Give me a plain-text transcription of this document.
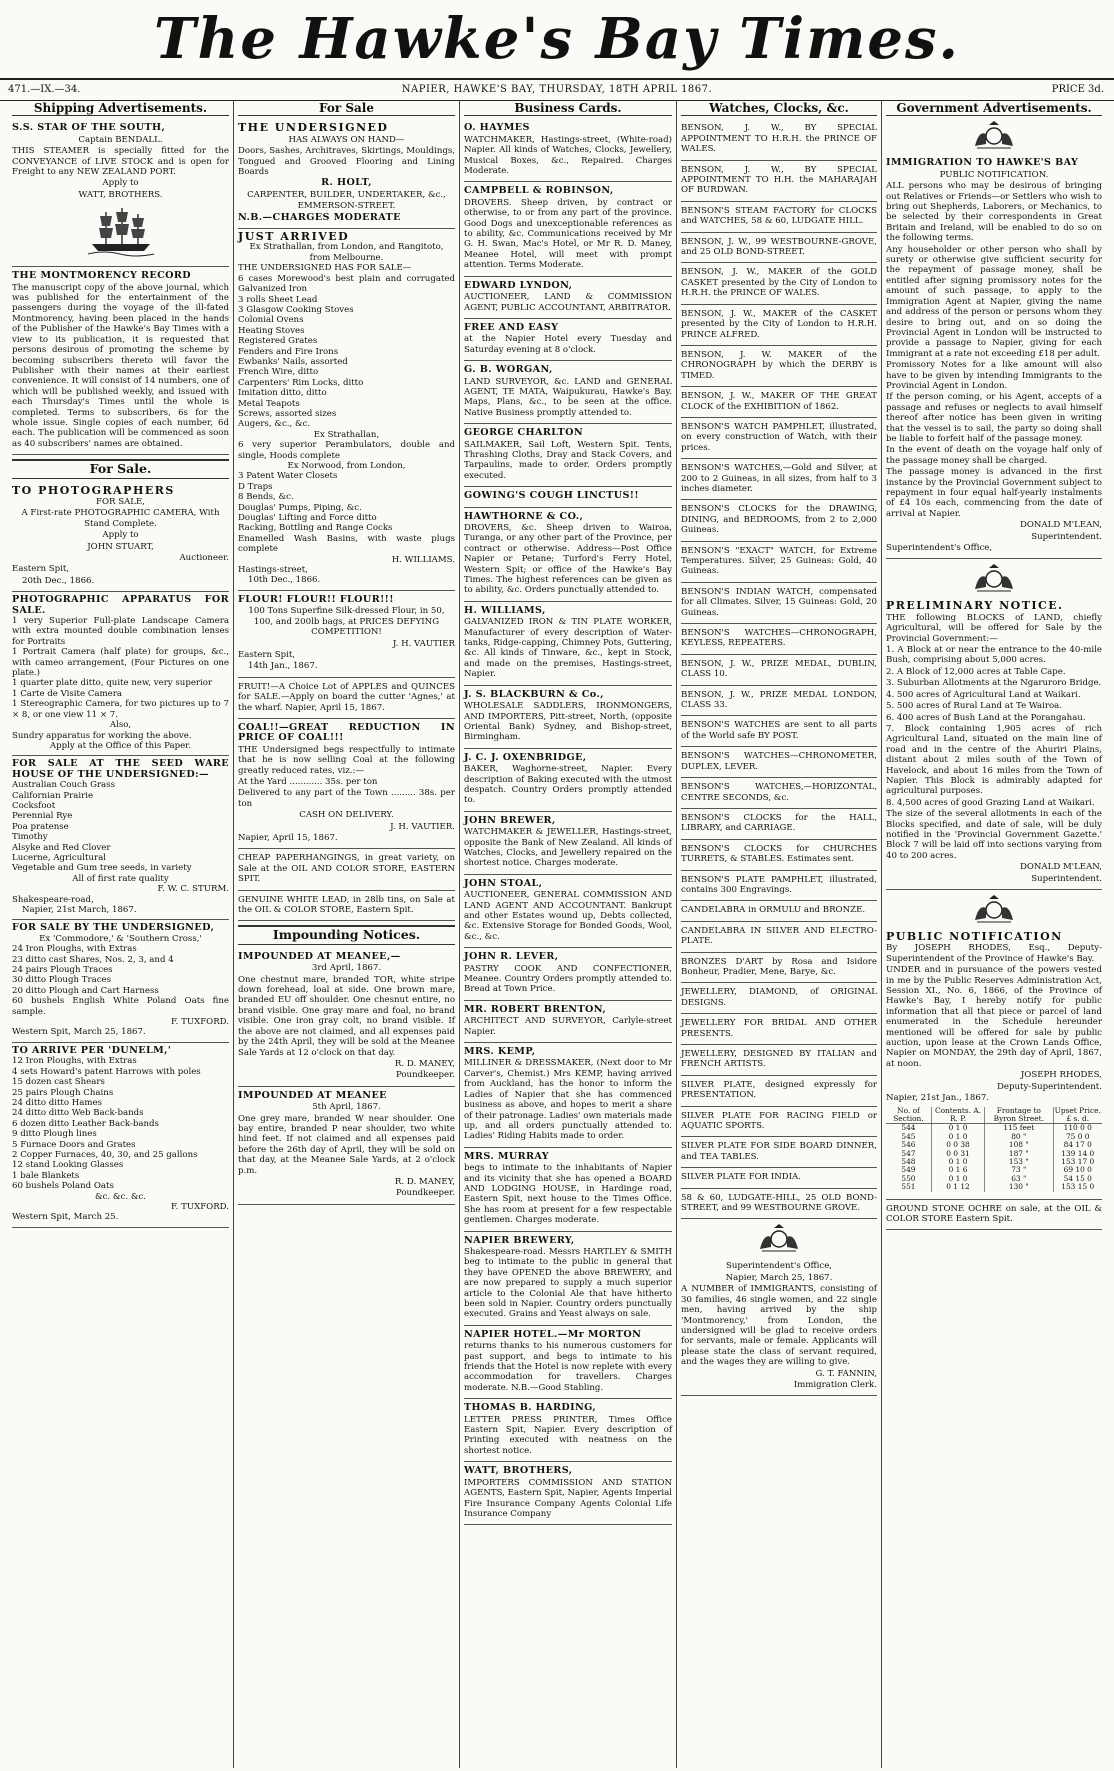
The Hawke's Bay Times.
471.—IX.—34.	NAPIER, HAWKE'S BAY, THURSDAY, 18TH APRIL 1867.	PRICE 3d.
Shipping Advertisements.

S.S. STAR OF THE SOUTH,

Captain BENDALL.

THIS STEAMER is specially fitted for the CONVEYANCE of LIVE STOCK and is open for Freight to any NEW ZEALAND PORT.

Apply to

WATT, BROTHERS.

THE MONTMORENCY RECORD

The manuscript copy of the above journal, which was published for the entertainment of the passengers during the voyage of the ill-fated Montmorency, having been placed in the hands of the Publisher of the Hawke's Bay Times with a view to its publication, it is requested that persons desirous of promoting the scheme by becoming subscribers thereto will favor the Publisher with their names at their earliest convenience. It will consist of 14 numbers, one of which will be published weekly, and issued with each Thursday's Times until the whole is completed. Terms to subscribers, 6s for the whole issue. Single copies of each number, 6d each. The publication will be commenced as soon as 40 subscribers' names are obtained.

For Sale.

TO PHOTOGRAPHERS

FOR SALE,

A First-rate PHOTOGRAPHIC CAMERA, With Stand Complete.

Apply to

JOHN STUART,

Auctioneer.

Eastern Spit,

20th Dec., 1866.

PHOTOGRAPHIC APPARATUS FOR SALE.

1 very Superior Full-plate Landscape Camera with extra mounted double combination lenses for Portraits

1 Portrait Camera (half plate) for groups, &c., with cameo arrangement, (Four Pictures on one plate.)

1 quarter plate ditto, quite new, very superior

1 Carte de Visite Camera

1 Stereographic Camera, for two pictures up to 7 × 8, or one view 11 × 7.

Also,

Sundry apparatus for working the above.

Apply at the Office of this Paper.

FOR SALE AT THE SEED WARE HOUSE OF THE UNDERSIGNED:—

Australian Couch Grass

Californian Prairie

Cocksfoot

Perennial Rye

Poa pratense

Timothy

Alsyke and Red Clover

Lucerne, Agricultural

Vegetable and Gum tree seeds, in variety

All of first rate quality

F. W. C. STURM.

Shakespeare-road,

Napier, 21st March, 1867.

FOR SALE BY THE UNDERSIGNED,

Ex 'Commodore,' & 'Southern Cross,'

24 Iron Ploughs, with Extras

23 ditto cast Shares, Nos. 2, 3, and 4

24 pairs Plough Traces

30 ditto Plough Traces

20 ditto Plough and Cart Harness

60 bushels English White Poland Oats fine sample.

F. TUXFORD.

Western Spit, March 25, 1867.

TO ARRIVE PER 'DUNELM,'

12 Iron Ploughs, with Extras

4 sets Howard's patent Harrows with poles

15 dozen cast Shears

25 pairs Plough Chains

24 ditto ditto Hames

24 ditto ditto Web Back-bands

6 dozen ditto Leather Back-bands

9 ditto Plough lines

5 Furnace Doors and Grates

2 Copper Furnaces, 40, 30, and 25 gallons

12 stand Looking Glasses

1 bale Blankets

60 bushels Poland Oats

&c. &c. &c.

F. TUXFORD.

Western Spit, March 25.

For Sale

THE UNDERSIGNED

HAS ALWAYS ON HAND—

Doors, Sashes, Architraves, Skirtings, Mouldings, Tongued and Grooved Flooring and Lining Boards

R. HOLT,

CARPENTER, BUILDER, UNDERTAKER, &c.,

EMMERSON-STREET.

N.B.—CHARGES MODERATE

JUST ARRIVED

Ex Strathallan, from London, and Rangitoto, from Melbourne.

THE UNDERSIGNED HAS FOR SALE—

6 cases Morewood's best plain and corrugated Galvanized Iron

3 rolls Sheet Lead

3 Glasgow Cooking Stoves

Colonial Ovens

Heating Stoves

Registered Grates

Fenders and Fire Irons

Ewbanks' Nails, assorted

French Wire, ditto

Carpenters' Rim Locks, ditto

Imitation ditto, ditto

Metal Teapots

Screws, assorted sizes

Augers, &c., &c.

Ex Strathallan,

6 very superior Perambulators, double and single, Hoods complete

Ex Norwood, from London,

3 Patent Water Closets

D Traps

8 Bends, &c.

Douglas' Pumps, Piping, &c.

Douglas' Lifting and Force ditto

Racking, Bottling and Range Cocks

Enamelled Wash Basins, with waste plugs complete

H. WILLIAMS.

Hastings-street,

10th Dec., 1866.

FLOUR! FLOUR!! FLOUR!!!

100 Tons Superfine Silk-dressed Flour, in 50, 100, and 200lb bags, at PRICES DEFYING COMPETITION!

J. H. VAUTIER

Eastern Spit,

14th Jan., 1867.

FRUIT!—A Choice Lot of APPLES and QUINCES for SALE.—Apply on board the cutter 'Agnes,' at the wharf. Napier, April 15, 1867.

COAL!!—GREAT REDUCTION IN PRICE OF COAL!!!

THE Undersigned begs respectfully to intimate that he is now selling Coal at the following greatly reduced rates, viz.:—

At the Yard ............ 35s. per ton

Delivered to any part of the Town ......... 38s. per ton

CASH ON DELIVERY.

J. H. VAUTIER.

Napier, April 15, 1867.

CHEAP PAPERHANGINGS, in great variety, on Sale at the OIL AND COLOR STORE, EASTERN SPIT.

GENUINE WHITE LEAD, in 28lb tins, on Sale at the OIL & COLOR STORE, Eastern Spit.

Impounding Notices.

IMPOUNDED AT MEANEE,—

3rd April, 1867.

One chestnut mare, branded TOR, white stripe down forehead, loal at side. One brown mare, branded EU off shoulder. One chesnut entire, no brand visible. One gray mare and foal, no brand visible. One iron gray colt, no brand visible. If the above are not claimed, and all expenses paid by the 24th April, they will be sold at the Meanee Sale Yards at 12 o'clock on that day.

R. D. MANEY,

Poundkeeper.

IMPOUNDED AT MEANEE

5th April, 1867.

One grey mare, branded W near shoulder. One bay entire, branded P near shoulder, two white hind feet. If not claimed and all expenses paid before the 26th day of April, they will be sold on that day, at the Meanee Sale Yards, at 2 o'clock p.m.

R. D. MANEY,

Poundkeeper.

Business Cards.

O. HAYMES

WATCHMAKER, Hastings-street, (White-road) Napier. All kinds of Watches, Clocks, Jewellery, Musical Boxes, &c., Repaired. Charges Moderate.

CAMPBELL & ROBINSON,

DROVERS. Sheep driven, by contract or otherwise, to or from any part of the province. Good Dogs and unexceptionable references as to ability, &c. Communications received by Mr G. H. Swan, Mac's Hotel, or Mr R. D. Maney, Meanee Hotel, will meet with prompt attention. Terms Moderate.

EDWARD LYNDON,

AUCTIONEER, LAND & COMMISSION AGENT, PUBLIC ACCOUNTANT, ARBITRATOR.

FREE AND EASY

at the Napier Hotel every Tuesday and Saturday evening at 8 o'clock.

G. B. WORGAN,

LAND SURVEYOR, &c. LAND and GENERAL AGENT, TE MATA, Waipukurau, Hawke's Bay. Maps, Plans, &c., to be seen at the office. Native Business promptly attended to.

GEORGE CHARLTON

SAILMAKER, Sail Loft, Western Spit. Tents, Thrashing Cloths, Dray and Stack Covers, and Tarpaulins, made to order. Orders promptly executed.

GOWING'S COUGH LINCTUS!!

HAWTHORNE & CO.,

DROVERS, &c. Sheep driven to Wairoa, Turanga, or any other part of the Province, per contract or otherwise. Address—Post Office Napier or Petane; Turford's Ferry Hotel, Western Spit; or office of the Hawke's Bay Times. The highest references can be given as to ability, &c. Orders punctually attended to.

H. WILLIAMS,

GALVANIZED IRON & TIN PLATE WORKER, Manufacturer of every description of Water-tanks, Ridge-capping, Chimney Pots, Guttering, &c. All kinds of Tinware, &c., kept in Stock, and made on the premises, Hastings-street, Napier.

J. S. BLACKBURN & Co.,

WHOLESALE SADDLERS, IRONMONGERS, AND IMPORTERS, Pitt-street, North, (opposite Oriental Bank) Sydney, and Bishop-street, Birmingham.

J. C. J. OXENBRIDGE,

BAKER, Waghorne-street, Napier. Every description of Baking executed with the utmost despatch. Country Orders promptly attended to.

JOHN BREWER,

WATCHMAKER & JEWELLER, Hastings-street, opposite the Bank of New Zealand. All kinds of Watches, Clocks, and Jewellery repaired on the shortest notice. Charges moderate.

JOHN STOAL,

AUCTIONEER, GENERAL COMMISSION AND LAND AGENT AND ACCOUNTANT. Bankrupt and other Estates wound up, Debts collected, &c. Extensive Storage for Bonded Goods, Wool, &c., &c.

JOHN R. LEVER,

PASTRY COOK AND CONFECTIONER, Meanee. Country Orders promptly attended to. Bread at Town Price.

MR. ROBERT BRENTON,

ARCHITECT AND SURVEYOR, Carlyle-street Napier.

MRS. KEMP,

MILLINER & DRESSMAKER, (Next door to Mr Carver's, Chemist.) Mrs KEMP, having arrived from Auckland, has the honor to inform the Ladies of Napier that she has commenced business as above, and hopes to merit a share of their patronage. Ladies' own materials made up, and all orders punctually attended to. Ladies' Riding Habits made to order.

MRS. MURRAY

begs to intimate to the inhabitants of Napier and its vicinity that she has opened a BOARD AND LODGING HOUSE, in Hardinge road, Eastern Spit, next house to the Times Office. She has room at present for a few respectable gentlemen. Charges moderate.

NAPIER BREWERY,

Shakespeare-road. Messrs HARTLEY & SMITH beg to intimate to the public in general that they have OPENED the above BREWERY, and are now prepared to supply a much superior article to the Colonial Ale that have hitherto been sold in Napier. Country orders punctually executed. Grains and Yeast always on sale.

NAPIER HOTEL.—Mr MORTON

returns thanks to his numerous customers for past support, and begs to intimate to his friends that the Hotel is now replete with every accommodation for travellers. Charges moderate. N.B.—Good Stabling.

THOMAS B. HARDING,

LETTER PRESS PRINTER, Times Office Eastern Spit, Napier. Every description of Printing executed with neatness on the shortest notice.

WATT, BROTHERS,

IMPORTERS COMMISSION AND STATION AGENTS, Eastern Spit, Napier, Agents Imperial Fire Insurance Company Agents Colonial Life Insurance Company

Watches, Clocks, &c.

BENSON, J. W., BY SPECIAL APPOINTMENT TO H.R.H. the PRINCE OF WALES.

BENSON, J. W., BY SPECIAL APPOINTMENT TO H.H. the MAHARAJAH OF BURDWAN.

BENSON'S STEAM FACTORY for CLOCKS and WATCHES, 58 & 60, LUDGATE HILL.

BENSON, J. W., 99 WESTBOURNE-GROVE, and 25 OLD BOND-STREET.

BENSON, J. W., MAKER of the GOLD CASKET presented by the City of London to H.R.H. the PRINCE OF WALES.

BENSON, J. W., MAKER of the CASKET presented by the City of London to H.R.H. PRINCE ALFRED.

BENSON, J. W. MAKER of the CHRONOGRAPH by which the DERBY is TIMED.

BENSON, J. W., MAKER OF THE GREAT CLOCK of the EXHIBITION of 1862.

BENSON'S WATCH PAMPHLET, illustrated, on every construction of Watch, with their prices.

BENSON'S WATCHES,—Gold and Silver, at 200 to 2 Guineas, in all sizes, from half to 3 inches diameter.

BENSON'S CLOCKS for the DRAWING, DINING, and BEDROOMS, from 2 to 2,000 Guineas.

BENSON'S "EXACT" WATCH, for Extreme Temperatures. Silver, 25 Guineas: Gold, 40 Guineas.

BENSON'S INDIAN WATCH, compensated for all Climates. Silver, 15 Guineas: Gold, 20 Guineas.

BENSON'S WATCHES—CHRONOGRAPH, KEYLESS, REPEATERS.

BENSON, J. W., PRIZE MEDAL, DUBLIN, CLASS 10.

BENSON, J. W., PRIZE MEDAL LONDON, CLASS 33.

BENSON'S WATCHES are sent to all parts of the World safe BY POST.

BENSON'S WATCHES—CHRONOMETER, DUPLEX, LEVER.

BENSON'S WATCHES,—HORIZONTAL, CENTRE SECONDS, &c.

BENSON'S CLOCKS for the HALL, LIBRARY, and CARRIAGE.

BENSON'S CLOCKS for CHURCHES TURRETS, & STABLES. Estimates sent.

BENSON'S PLATE PAMPHLET, illustrated, contains 300 Engravings.

CANDELABRA in ORMULU and BRONZE.

CANDELABRA IN SILVER AND ELECTRO-PLATE.

BRONZES D'ART by Rosa and Isidore Bonheur, Pradier, Mene, Barye, &c.

JEWELLERY, DIAMOND, of ORIGINAL DESIGNS.

JEWELLERY FOR BRIDAL AND OTHER PRESENTS.

JEWELLERY, DESIGNED BY ITALIAN and FRENCH ARTISTS.

SILVER PLATE, designed expressly for PRESENTATION.

SILVER PLATE FOR RACING FIELD or AQUATIC SPORTS.

SILVER PLATE FOR SIDE BOARD DINNER, and TEA TABLES.

SILVER PLATE FOR INDIA.

58 & 60, LUDGATE-HILL, 25 OLD BOND-STREET, and 99 WESTBOURNE GROVE.

Superintendent's Office,

Napier, March 25, 1867.

A NUMBER of IMMIGRANTS, consisting of 30 families, 46 single women, and 22 single men, having arrived by the ship 'Montmorency,' from London, the undersigned will be glad to receive orders for servants, male or female. Applicants will please state the class of servant required, and the wages they are willing to give.

G. T. FANNIN,

Immigration Clerk.

Government Advertisements.

IMMIGRATION TO HAWKE'S BAY

PUBLIC NOTIFICATION.

ALL persons who may be desirous of bringing out Relatives or Friends—or Settlers who wish to bring out Shepherds, Laborers, or Mechanics, to be selected by their correspondents in Great Britain and Ireland, will be enabled to do so on the following terms.

Any householder or other person who shall by surety or otherwise give sufficient security for the repayment of passage money, shall be entitled after signing promissory notes for the amount of such passage, to apply to the Immigration Agent at Napier, giving the name and address of the person or persons whom they desire to bring out, and on so doing the Provincial Agent in London will be instructed to provide a passage to Napier, giving for each Immigrant at a rate not exceeding £18 per adult.

Promissory Notes for a like amount will also have to be given by intending Immigrants to the Provincial Agent in London.

If the person coming, or his Agent, accepts of a passage and refuses or neglects to avail himself thereof after notice has been given in writing that the vessel is to sail, the party so doing shall be liable to forfeit half of the passage money.

In the event of death on the voyage half only of the passage money shall be charged.

The passage money is advanced in the first instance by the Provincial Government subject to repayment in four equal half-yearly instalments of £4 10s each, commencing from the date of arrival at Napier.

DONALD M'LEAN,

Superintendent.

Superintendent's Office,

PRELIMINARY NOTICE.

THE following BLOCKS of LAND, chiefly Agricultural, will be offered for Sale by the Provincial Government:—

1. A Block at or near the entrance to the 40-mile Bush, comprising about 5,000 acres.

2. A Block of 12,000 acres at Table Cape.

3. Suburban Allotments at the Ngaruroro Bridge.

4. 500 acres of Agricultural Land at Waikari.

5. 500 acres of Rural Land at Te Wairoa.

6. 400 acres of Bush Land at the Porangahau.

7. Block containing 1,905 acres of rich Agricultural Land, situated on the main line of road and in the centre of the Ahuriri Plains, distant about 2 miles south of the Town of Havelock, and about 16 miles from the Town of Napier. This Block is admirably adapted for agricultural purposes.

8. 4,500 acres of good Grazing Land at Waikari.

The size of the several allotments in each of the Blocks specified, and date of sale, will be duly notified in the 'Provincial Government Gazette.' Block 7 will be laid off into sections varying from 40 to 200 acres.

DONALD M'LEAN,

Superintendent.

PUBLIC NOTIFICATION

By JOSEPH RHODES, Esq., Deputy-Superintendent of the Province of Hawke's Bay.

UNDER and in pursuance of the powers vested in me by the Public Reserves Administration Act, Session XI., No. 6, 1866, of the Province of Hawke's Bay, I hereby notify for public information that all that piece or parcel of land enumerated in the Schedule hereunder mentioned will be offered for sale by public auction, upon lease at the Crown Lands Office, Napier on MONDAY, the 29th day of April, 1867, at noon.

JOSEPH RHODES,

Deputy-Superintendent.

Napier, 21st Jan., 1867.

No. of Section.	Contents. A. R. P.	Frontage to Byron Street.	Upset Price. £ s. d.
544	0 1 0	115 feet	110 0 0
545	0 1 0	80 "	75 0 0
546	0 0 38	108 "	84 17 0
547	0 0 31	187 "	139 14 0
548	0 1 0	153 "	153 17 0
549	0 1 6	73 "	69 10 0
550	0 1 0	63 "	54 15 0
551	0 1 12	130 "	153 15 0

GROUND STONE OCHRE on sale, at the OIL & COLOR STORE Eastern Spit.
